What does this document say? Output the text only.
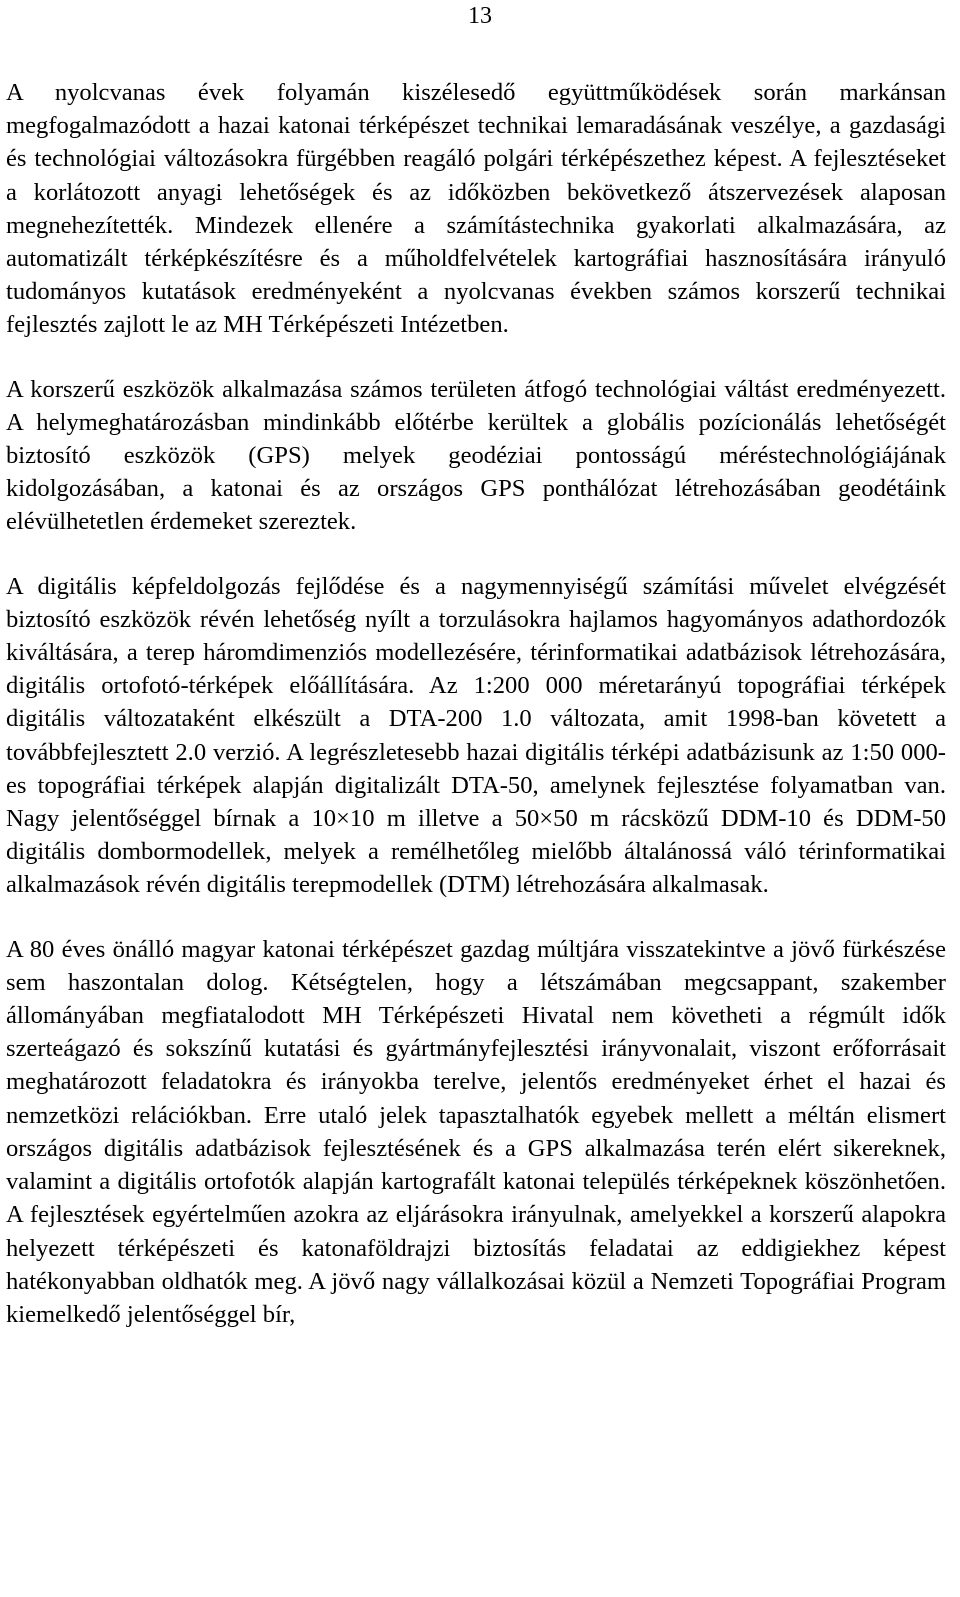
13

A nyolcvanas évek folyamán kiszélesedő együttműködések során markánsan megfogalmazódott a hazai katonai térképészet technikai lemaradásának veszélye, a gazdasági és technológiai változásokra fürgébben reagáló polgári térképészethez képest. A fejlesztéseket a korlátozott anyagi lehetőségek és az időközben bekövetkező átszervezések alaposan megnehezítették. Mindezek ellenére a számítástechnika gyakorlati alkalmazására, az automatizált térképkészítésre és a műholdfelvételek kartográfiai hasznosítására irányuló tudományos kutatások eredményeként a nyolcvanas években számos korszerű technikai fejlesztés zajlott le az MH Térképészeti Intézetben.

A korszerű eszközök alkalmazása számos területen átfogó technológiai váltást eredményezett. A helymeghatározásban mindinkább előtérbe kerültek a globális pozícionálás lehetőségét biztosító eszközök (GPS) melyek geodéziai pontosságú méréstechnológiájának kidolgozásában, a katonai és az országos GPS ponthálózat létrehozásában geodétáink elévülhetetlen érdemeket szereztek.

A digitális képfeldolgozás fejlődése és a nagymennyiségű számítási művelet elvégzését biztosító eszközök révén lehetőség nyílt a torzulásokra hajlamos hagyományos adathordozók kiváltására, a terep háromdimenziós modellezésére, térinformatikai adatbázisok létrehozására, digitális ortofotó-térképek előállítására. Az 1:200 000 méretarányú topográfiai térképek digitális változataként elkészült a DTA-200 1.0 változata, amit 1998-ban követett a továbbfejlesztett 2.0 verzió. A legrészletesebb hazai digitális térképi adatbázisunk az 1:50 000-es topográfiai térképek alapján digitalizált DTA-50, amelynek fejlesztése folyamatban van. Nagy jelentőséggel bírnak a 10×10 m illetve a 50×50 m rácsközű DDM-10 és DDM-50 digitális dombormodellek, melyek a remélhetőleg mielőbb általánossá váló térinformatikai alkalmazások révén digitális terepmodellek (DTM) létrehozására alkalmasak.

A 80 éves önálló magyar katonai térképészet gazdag múltjára visszatekintve a jövő fürkészése sem haszontalan dolog. Kétségtelen, hogy a létszámában megcsappant, szakember állományában megfiatalodott MH Térképészeti Hivatal nem követheti a régmúlt idők szerteágazó és sokszínű kutatási és gyártmányfejlesztési irányvonalait, viszont erőforrásait meghatározott feladatokra és irányokba terelve, jelentős eredményeket érhet el hazai és nemzetközi relációkban. Erre utaló jelek tapasztalhatók egyebek mellett a méltán elismert országos digitális adatbázisok fejlesztésének és a GPS alkalmazása terén elért sikereknek, valamint a digitális ortofotók alapján kartografált katonai település térképeknek köszönhetően. A fejlesztések egyértelműen azokra az eljárásokra irányulnak, amelyekkel a korszerű alapokra helyezett térképészeti és katonaföldrajzi biztosítás feladatai az eddigiekhez képest hatékonyabban oldhatók meg. A jövő nagy vállalkozásai közül a Nemzeti Topográfiai Program kiemelkedő jelentőséggel bír,
